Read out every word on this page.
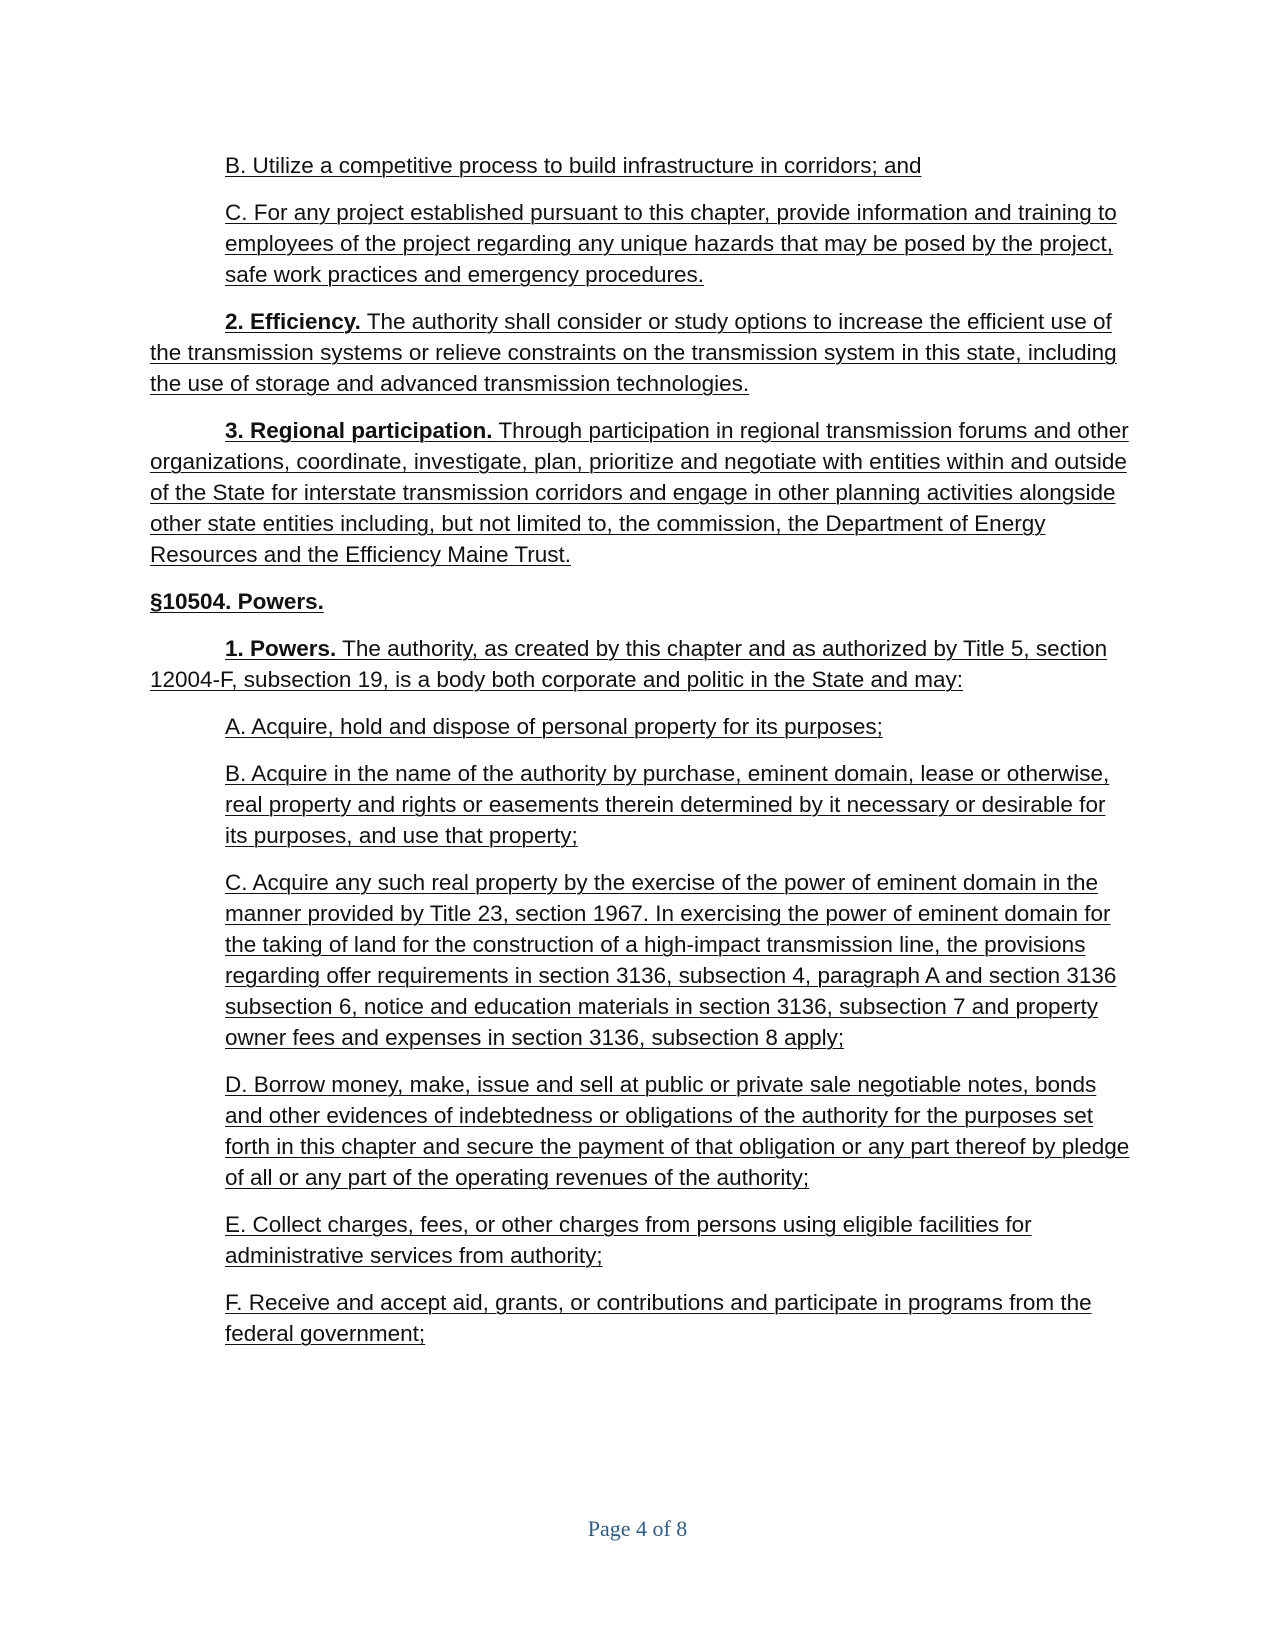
B. Utilize a competitive process to build infrastructure in corridors; and

C. For any project established pursuant to this chapter, provide information and training to employees of the project regarding any unique hazards that may be posed by the project, safe work practices and emergency procedures.

2. Efficiency. The authority shall consider or study options to increase the efficient use of the transmission systems or relieve constraints on the transmission system in this state, including the use of storage and advanced transmission technologies.

3. Regional participation. Through participation in regional transmission forums and other organizations, coordinate, investigate, plan, prioritize and negotiate with entities within and outside of the State for interstate transmission corridors and engage in other planning activities alongside other state entities including, but not limited to, the commission, the Department of Energy Resources and the Efficiency Maine Trust.

§10504. Powers.

1. Powers. The authority, as created by this chapter and as authorized by Title 5, section 12004-F, subsection 19, is a body both corporate and politic in the State and may:

A. Acquire, hold and dispose of personal property for its purposes;

B. Acquire in the name of the authority by purchase, eminent domain, lease or otherwise, real property and rights or easements therein determined by it necessary or desirable for its purposes, and use that property;

C. Acquire any such real property by the exercise of the power of eminent domain in the manner provided by Title 23, section 1967. In exercising the power of eminent domain for the taking of land for the construction of a high-impact transmission line, the provisions regarding offer requirements in section 3136, subsection 4, paragraph A and section 3136 subsection 6, notice and education materials in section 3136, subsection 7 and property owner fees and expenses in section 3136, subsection 8 apply;

D. Borrow money, make, issue and sell at public or private sale negotiable notes, bonds and other evidences of indebtedness or obligations of the authority for the purposes set forth in this chapter and secure the payment of that obligation or any part thereof by pledge of all or any part of the operating revenues of the authority;

E. Collect charges, fees, or other charges from persons using eligible facilities for administrative services from authority;

F. Receive and accept aid, grants, or contributions and participate in programs from the federal government;

Page 4 of 8
